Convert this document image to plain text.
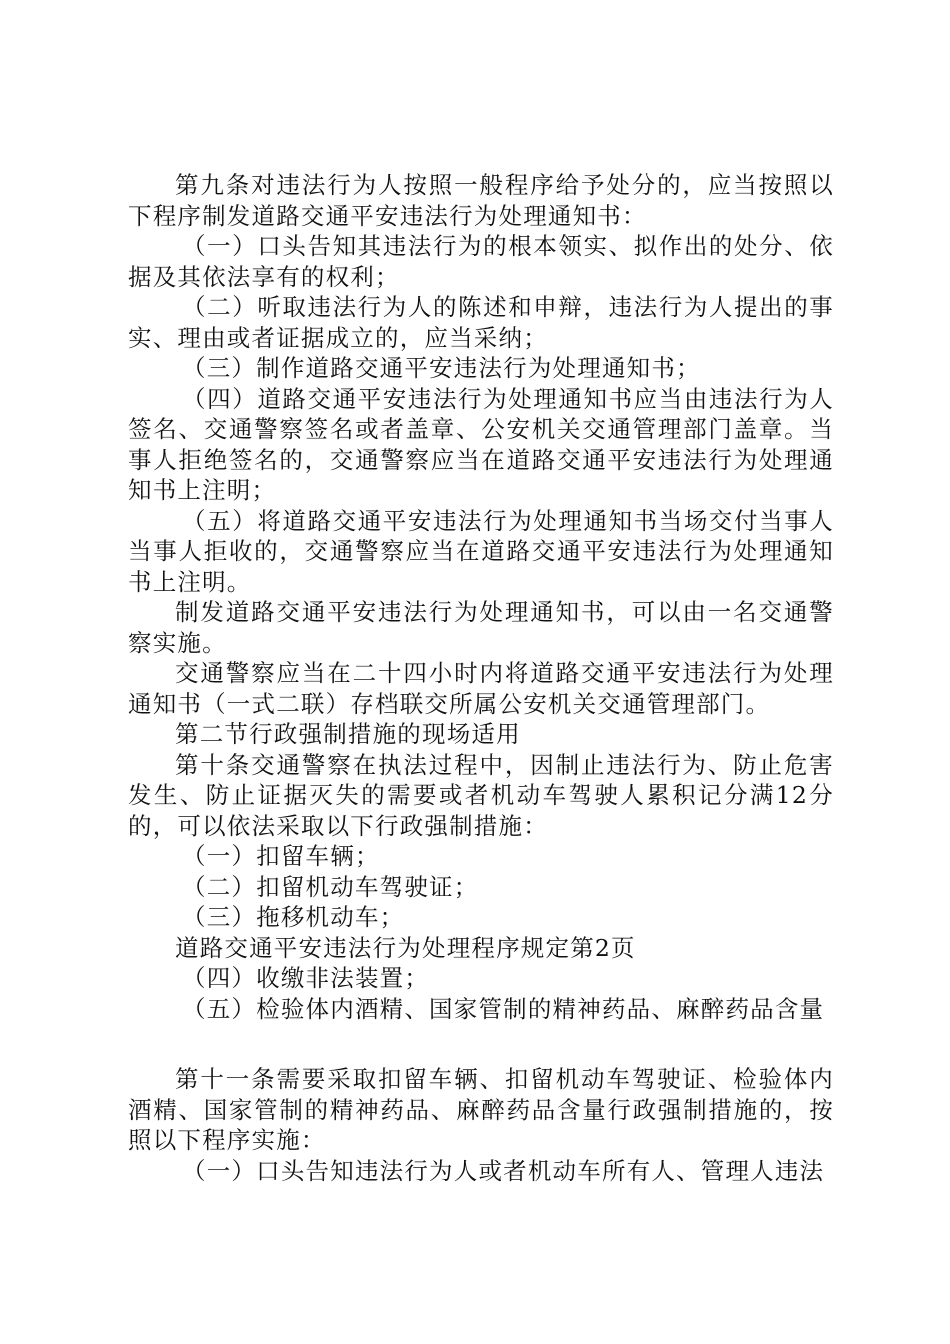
第九条对违法行为人按照一般程序给予处分的，应当按照以下程序制发道路交通平安违法行为处理通知书：

（一）口头告知其违法行为的根本领实、拟作出的处分、依据及其依法享有的权利；

（二）听取违法行为人的陈述和申辩，违法行为人提出的事实、理由或者证据成立的，应当采纳；

（三）制作道路交通平安违法行为处理通知书；

（四）道路交通平安违法行为处理通知书应当由违法行为人签名、交通警察签名或者盖章、公安机关交通管理部门盖章。当事人拒绝签名的，交通警察应当在道路交通平安违法行为处理通知书上注明；

（五）将道路交通平安违法行为处理通知书当场交付当事人当事人拒收的，交通警察应当在道路交通平安违法行为处理通知书上注明。

制发道路交通平安违法行为处理通知书，可以由一名交通警察实施。

交通警察应当在二十四小时内将道路交通平安违法行为处理通知书（一式二联）存档联交所属公安机关交通管理部门。

第二节行政强制措施的现场适用

第十条交通警察在执法过程中，因制止违法行为、防止危害发生、防止证据灭失的需要或者机动车驾驶人累积记分满12分的，可以依法采取以下行政强制措施：

（一）扣留车辆；

（二）扣留机动车驾驶证；

（三）拖移机动车；

道路交通平安违法行为处理程序规定第2页

（四）收缴非法装置；

（五）检验体内酒精、国家管制的精神药品、麻醉药品含量

第十一条需要采取扣留车辆、扣留机动车驾驶证、检验体内酒精、国家管制的精神药品、麻醉药品含量行政强制措施的，按照以下程序实施：

（一）口头告知违法行为人或者机动车所有人、管理人违法
